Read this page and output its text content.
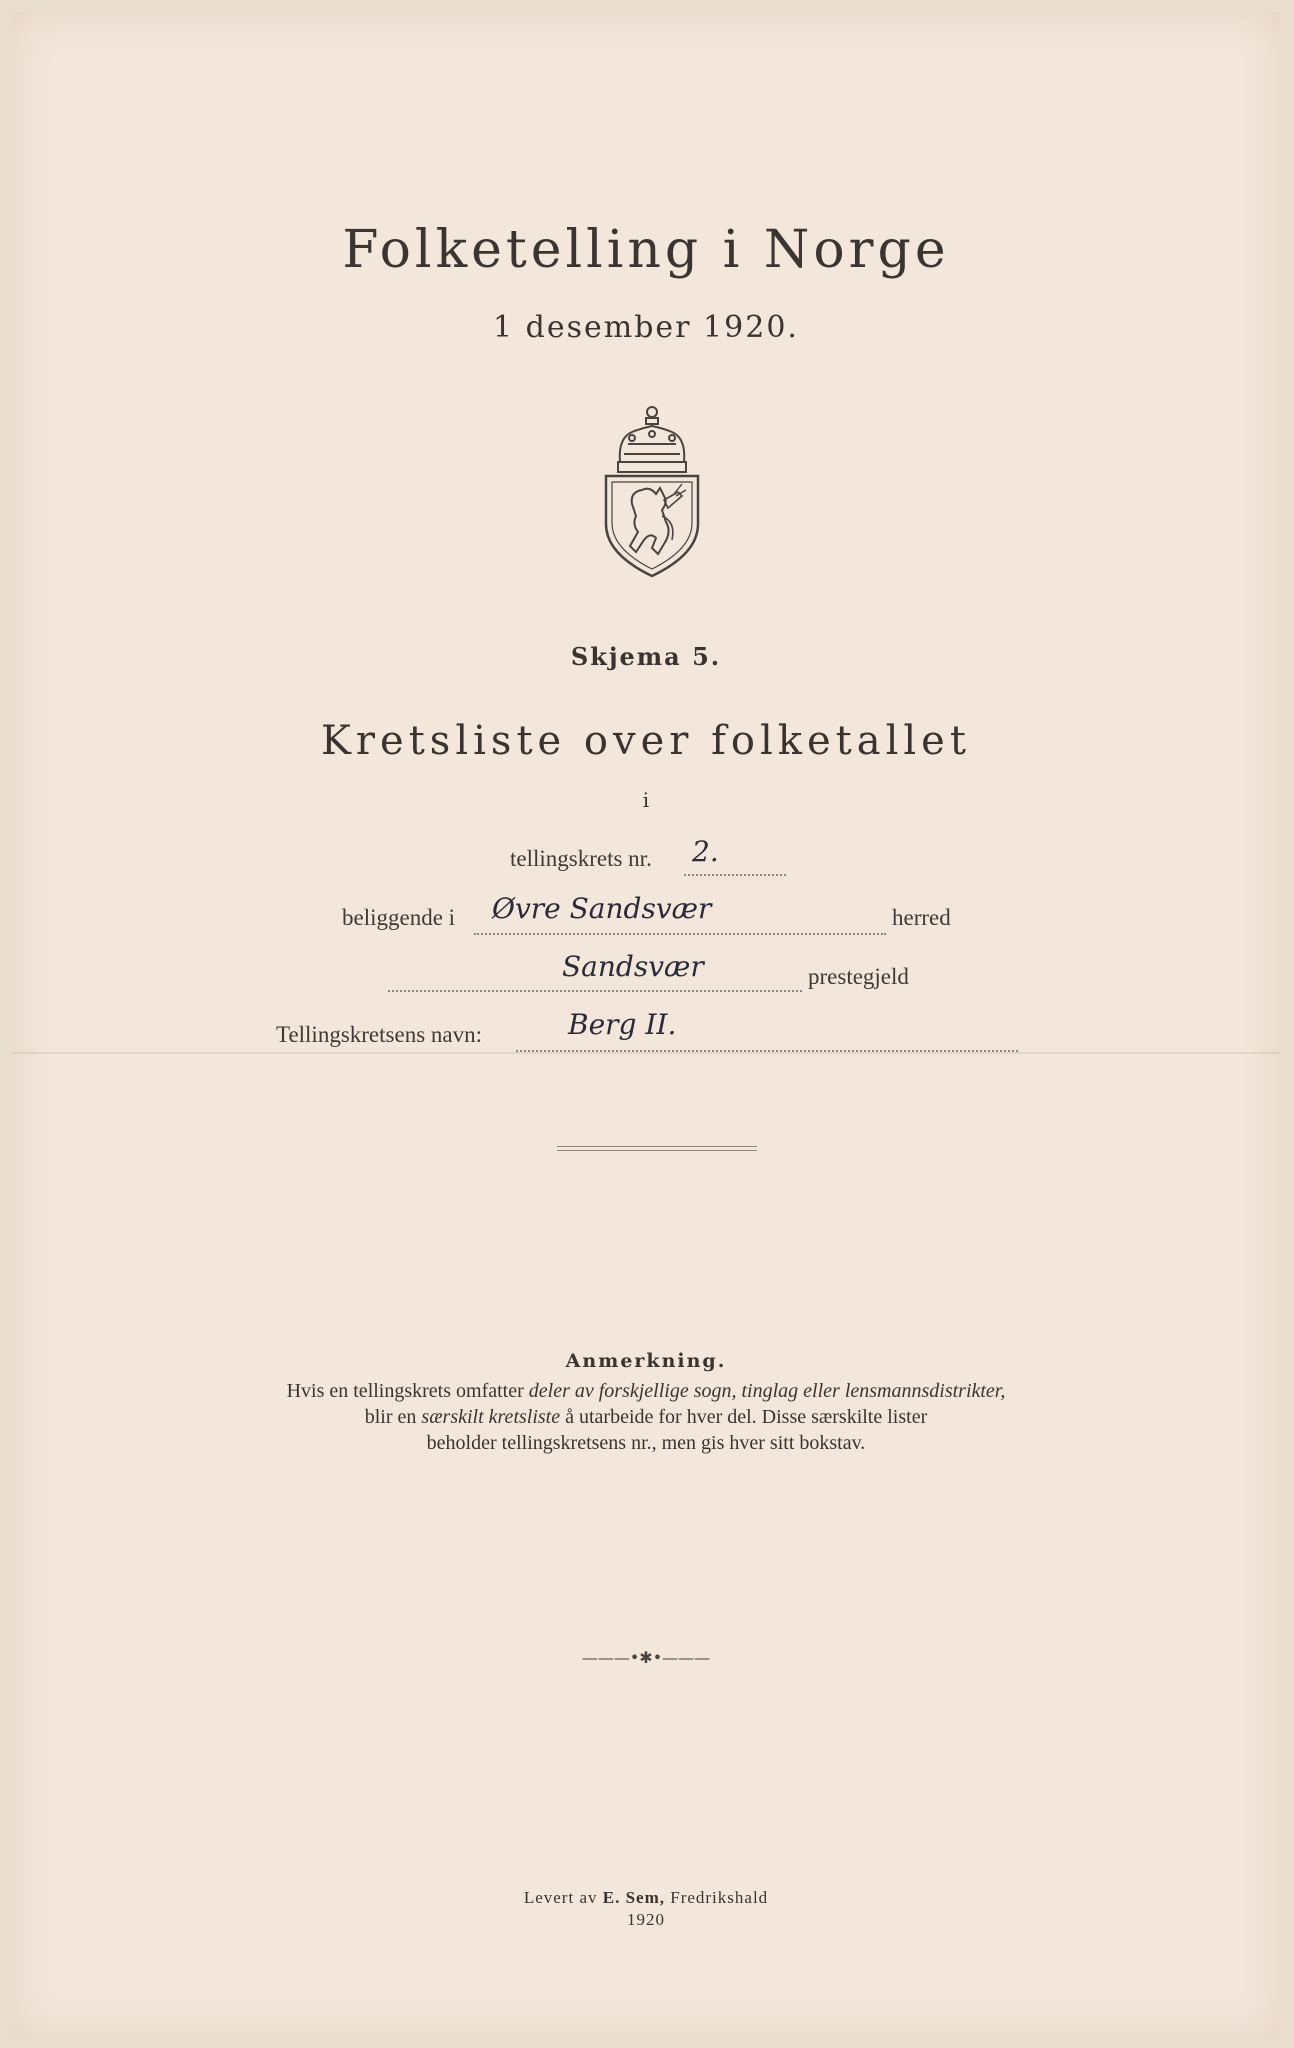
Folketelling i Norge
1 desember 1920.
Skjema 5.
Kretsliste over folketallet
i
tellingskrets nr. 2.
beliggende i Øvre Sandsvær	herred
Sandsvær	prestegjeld
Tellingskretsens navn:	Berg II.
Anmerkning.
Hvis en tellingskrets omfatter deler av forskjellige sogn, tinglag eller lensmannsdistrikter,
blir en særskilt kretsliste å utarbeide for hver del. Disse særskilte lister
beholder tellingskretsens nr., men gis hver sitt bokstav.
———•✱•———
Levert av E. Sem, Fredrikshald
1920
